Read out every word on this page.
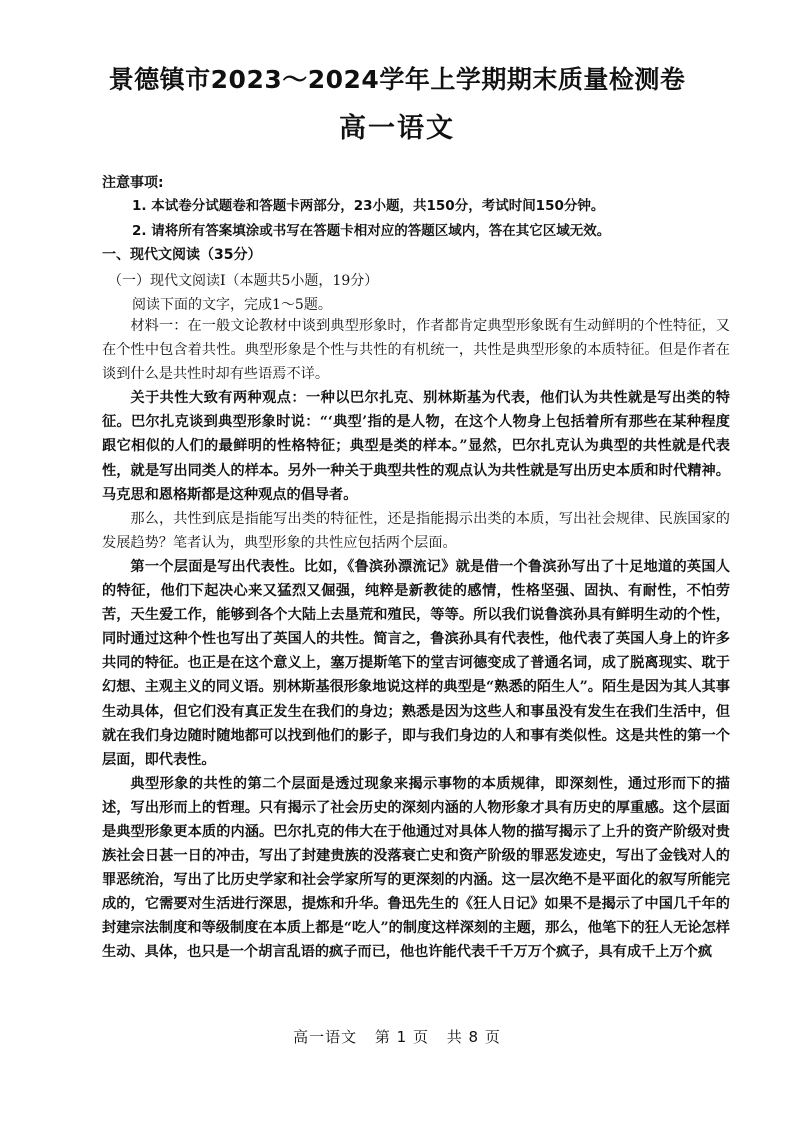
景德镇市2023～2024学年上学期期末质量检测卷
高一语文
注意事项:
1. 本试卷分试题卷和答题卡两部分，23小题，共150分，考试时间150分钟。
2. 请将所有答案填涂或书写在答题卡相对应的答题区域内，答在其它区域无效。
一、现代文阅读（35分）
（一）现代文阅读Ⅰ（本题共5小题，19分）
阅读下面的文字，完成1～5题。

材料一：在一般文论教材中谈到典型形象时，作者都肯定典型形象既有生动鲜明的个性特征，又在个性中包含着共性。典型形象是个性与共性的有机统一，共性是典型形象的本质特征。但是作者在谈到什么是共性时却有些语焉不详。

关于共性大致有两种观点：一种以巴尔扎克、别林斯基为代表，他们认为共性就是写出类的特征。巴尔扎克谈到典型形象时说：“‘典型’指的是人物，在这个人物身上包括着所有那些在某种程度跟它相似的人们的最鲜明的性格特征；典型是类的样本。”显然，巴尔扎克认为典型的共性就是代表性，就是写出同类人的样本。另外一种关于典型共性的观点认为共性就是写出历史本质和时代精神。马克思和恩格斯都是这种观点的倡导者。

那么，共性到底是指能写出类的特征性，还是指能揭示出类的本质，写出社会规律、民族国家的发展趋势？笔者认为，典型形象的共性应包括两个层面。

第一个层面是写出代表性。比如，《鲁滨孙漂流记》就是借一个鲁滨孙写出了十足地道的英国人的特征，他们下起决心来又猛烈又倔强，纯粹是新教徒的感情，性格坚强、固执、有耐性，不怕劳苦，天生爱工作，能够到各个大陆上去垦荒和殖民，等等。所以我们说鲁滨孙具有鲜明生动的个性，同时通过这种个性也写出了英国人的共性。简言之，鲁滨孙具有代表性，他代表了英国人身上的许多共同的特征。也正是在这个意义上，塞万提斯笔下的堂吉诃德变成了普通名词，成了脱离现实、耽于幻想、主观主义的同义语。别林斯基很形象地说这样的典型是“熟悉的陌生人”。陌生是因为其人其事生动具体，但它们没有真正发生在我们的身边；熟悉是因为这些人和事虽没有发生在我们生活中，但就在我们身边随时随地都可以找到他们的影子，即与我们身边的人和事有类似性。这是共性的第一个层面，即代表性。

典型形象的共性的第二个层面是透过现象来揭示事物的本质规律，即深刻性，通过形而下的描述，写出形而上的哲理。只有揭示了社会历史的深刻内涵的人物形象才具有历史的厚重感。这个层面是典型形象更本质的内涵。巴尔扎克的伟大在于他通过对具体人物的描写揭示了上升的资产阶级对贵族社会日甚一日的冲击，写出了封建贵族的没落衰亡史和资产阶级的罪恶发迹史，写出了金钱对人的罪恶统治，写出了比历史学家和社会学家所写的更深刻的内涵。这一层次绝不是平面化的叙写所能完成的，它需要对生活进行深思，提炼和升华。鲁迅先生的《狂人日记》如果不是揭示了中国几千年的封建宗法制度和等级制度在本质上都是“吃人”的制度这样深刻的主题，那么，他笔下的狂人无论怎样生动、具体，也只是一个胡言乱语的疯子而已，他也许能代表千千万万个疯子，具有成千上万个疯

高一语文 第 1 页 共 8 页
